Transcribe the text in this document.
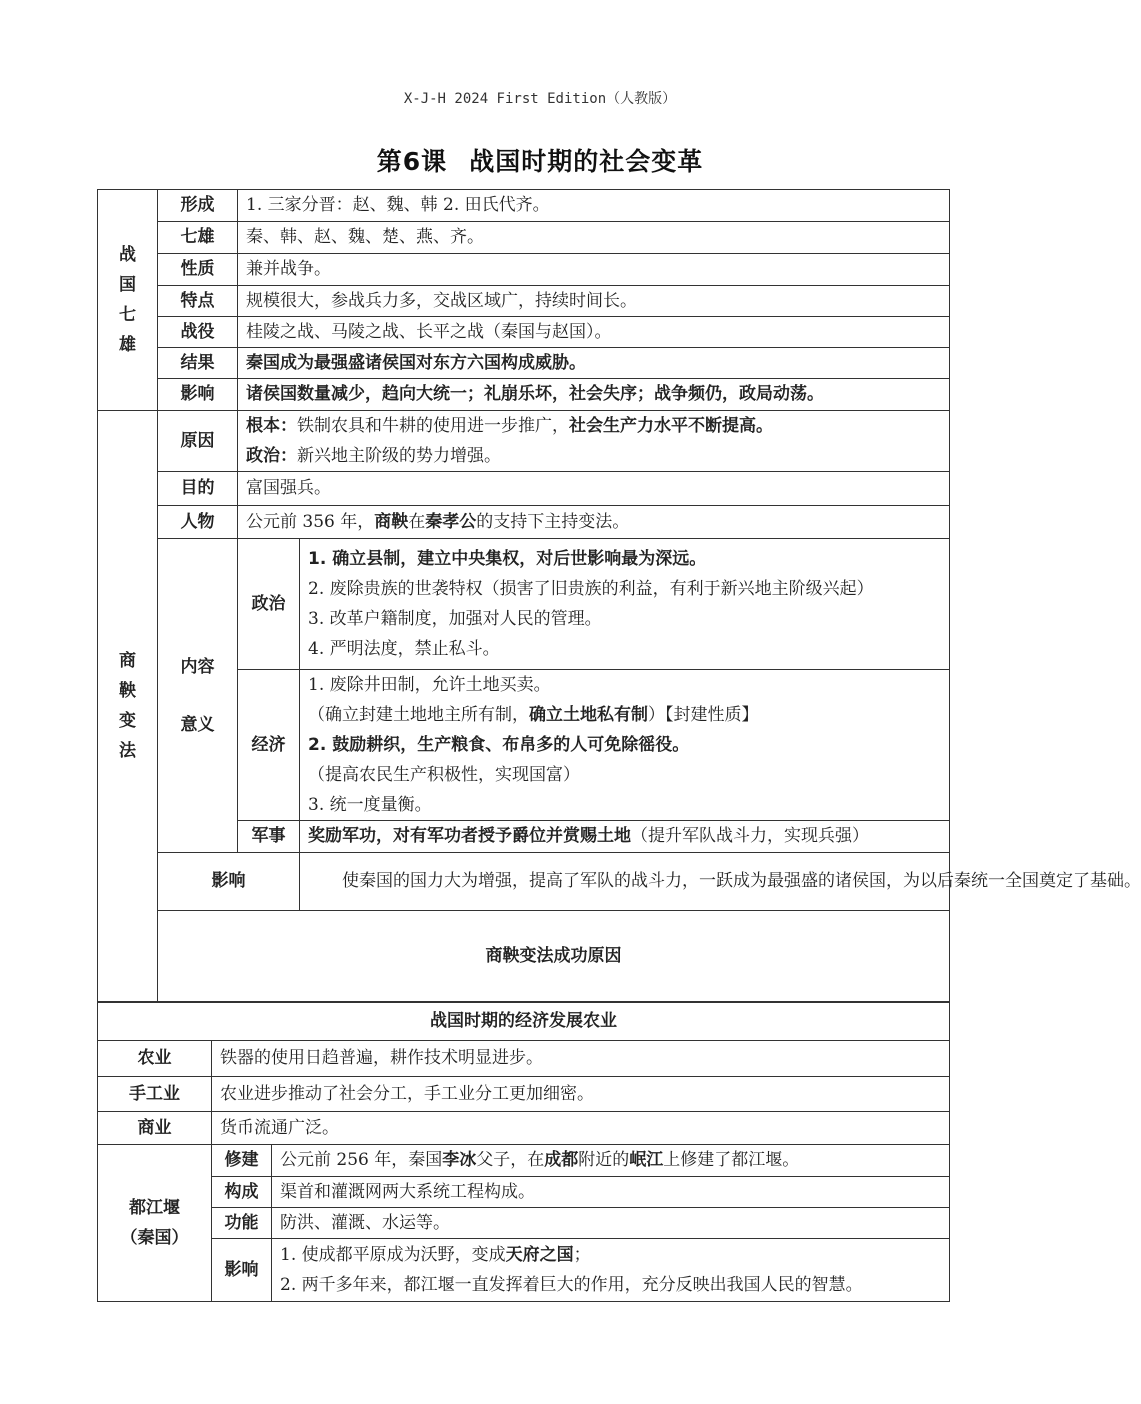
X-J-H 2024 First Edition（人教版）
第6课 战国时期的社会变革
战
国
七
雄	形成	1. 三家分晋：赵、魏、韩 2. 田氏代齐。		
	七雄	秦、韩、赵、魏、楚、燕、齐。		
	性质	兼并战争。		
	特点	规模很大，参战兵力多，交战区域广，持续时间长。		
	战役	桂陵之战、马陵之战、长平之战（秦国与赵国）。		
	结果	秦国成为最强盛诸侯国对东方六国构成威胁。		
	影响	诸侯国数量减少，趋向大统一；礼崩乐坏，社会失序；战争频仍，政局动荡。		

商
鞅
变
法	原因	根本：铁制农具和牛耕的使用进一步推广，社会生产力水平不断提高。
政治：新兴地主阶级的势力增强。		

	目的	富国强兵。		
	人物	公元前 356 年，商鞅在秦孝公的支持下主持变法。		

	内容
意义	政治	1. 确立县制，建立中央集权，对后世影响最为深远。
2. 废除贵族的世袭特权（损害了旧贵族的利益，有利于新兴地主阶级兴起）
3. 改革户籍制度，加强对人民的管理。
4. 严明法度，禁止私斗。	

		经济	1. 废除井田制，允许土地买卖。
（确立封建土地地主所有制，确立土地私有制）【封建性质】
2. 鼓励耕织，生产粮食、布帛多的人可免除徭役。
（提高农民生产积极性，实现国富）
3. 统一度量衡。	

		军事	奖励军功，对有军功者授予爵位并赏赐土地（提升军队战斗力，实现兵强）	
	影响		使秦国的国力大为增强，提高了军队的战斗力，一跃成为最强盛的诸侯国，为以后秦统一全国奠定了基础。	
	商鞅变法成功原因	
战国时期的经济发展农业		
农业	铁器的使用日趋普遍，耕作技术明显进步。	
手工业	农业进步推动了社会分工，手工业分工更加细密。	
商业	货币流通广泛。	

都江堰
（秦国）	修建	公元前 256 年，秦国李冰父子，在成都附近的岷江上修建了都江堰。
	构成	渠首和灌溉网两大系统工程构成。
	功能	防洪、灌溉、水运等。
	影响	1. 使成都平原成为沃野，变成天府之国；
2. 两千多年来，都江堰一直发挥着巨大的作用，充分反映出我国人民的智慧。
